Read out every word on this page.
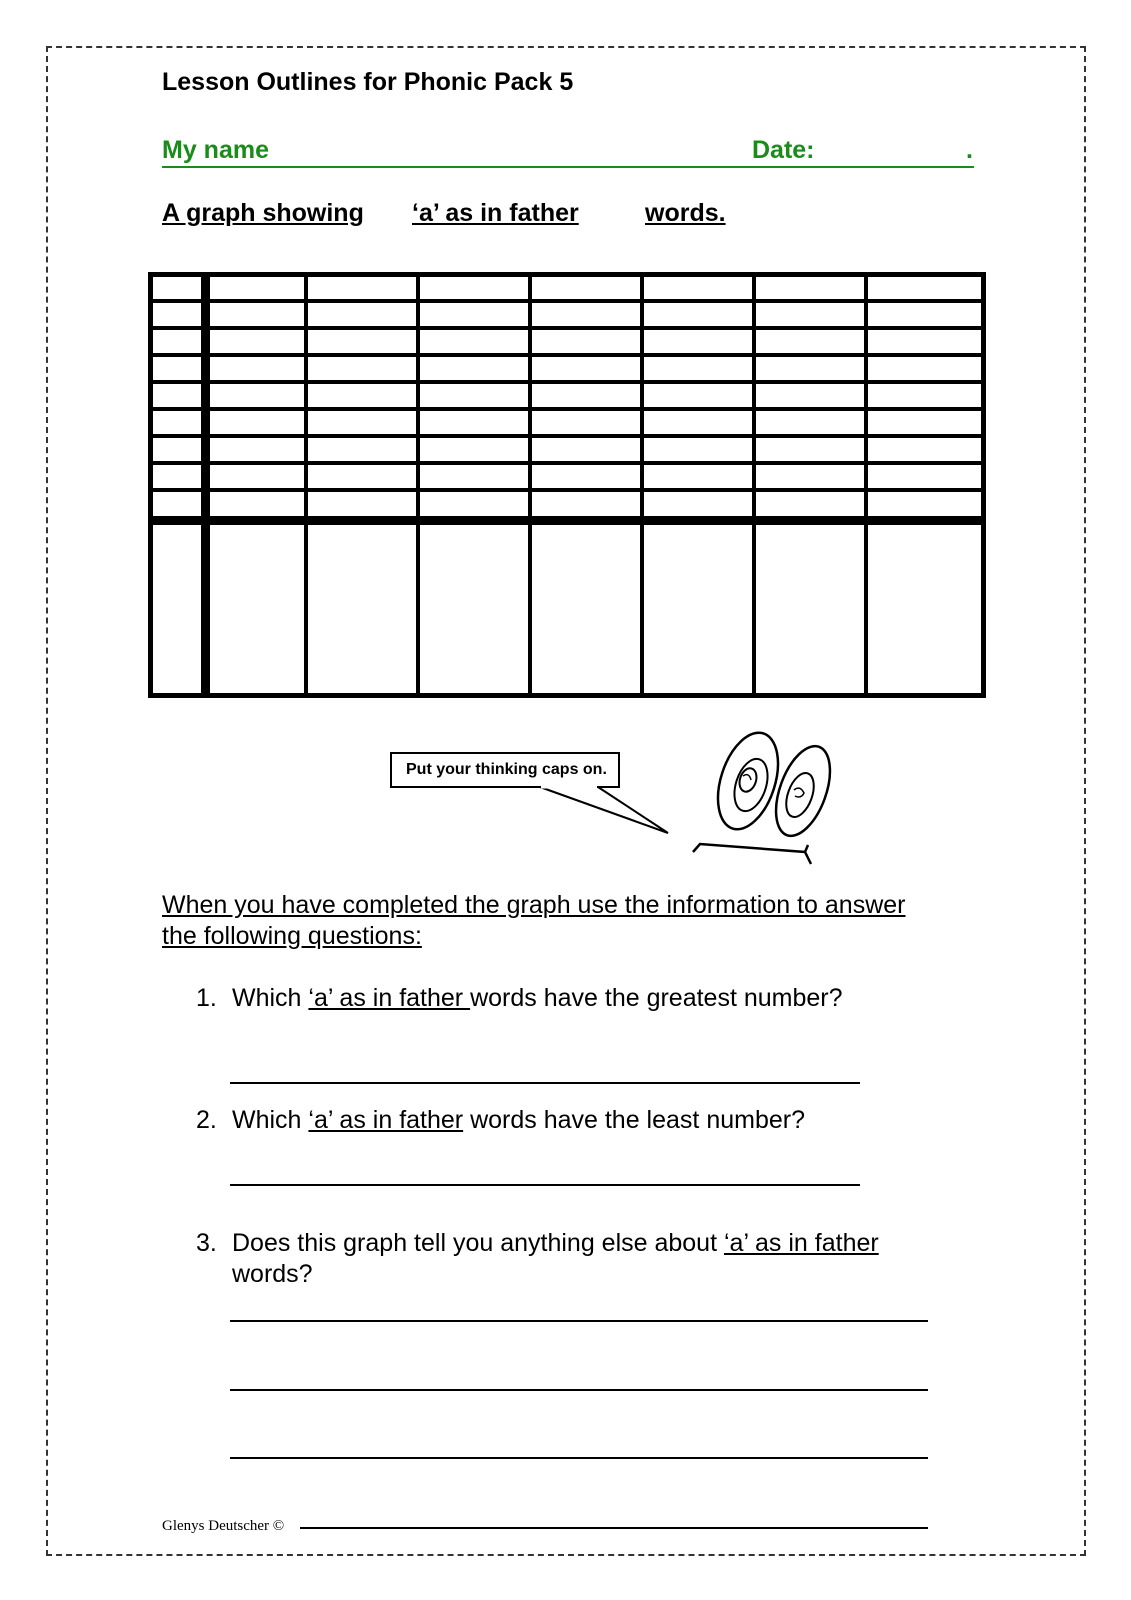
Lesson Outlines for Phonic Pack 5
My name	Date:	.
A graph showing ‘a’ as in father	words.
Put your thinking caps on.
When you have completed the graph use the information to answer
the following questions:
1. Which ‘a’ as in father words have the greatest number?
2. Which ‘a’ as in father words have the least number?
3. Does this graph tell you anything else about ‘a’ as in father
words?
Glenys Deutscher ©
